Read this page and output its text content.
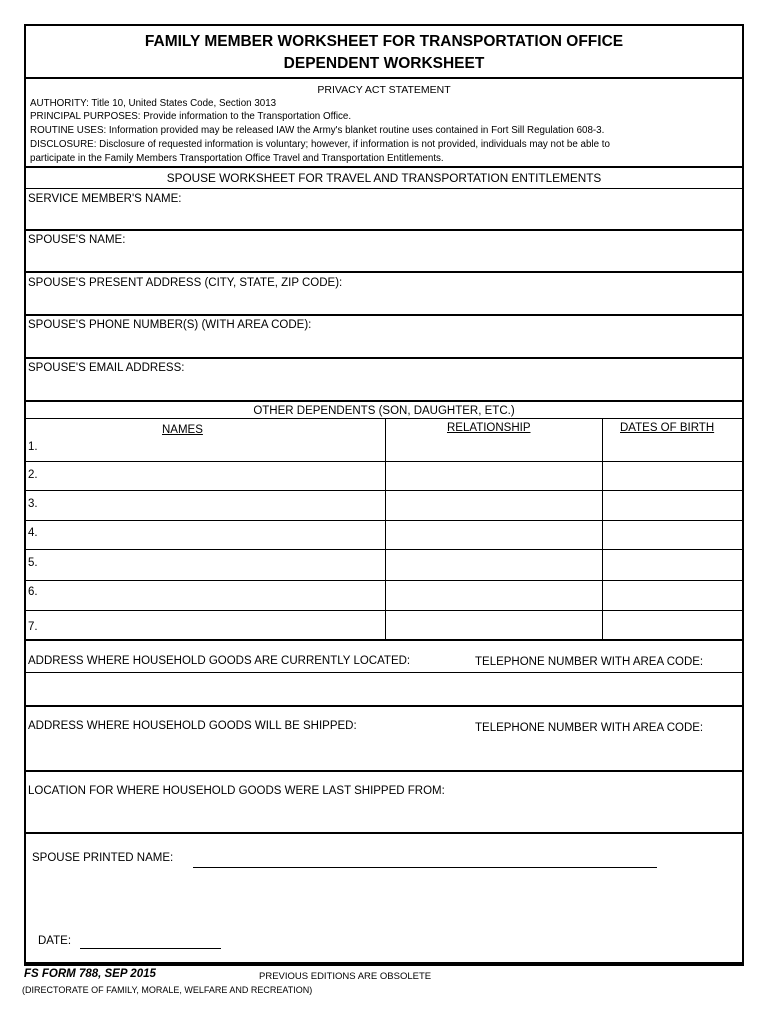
FAMILY MEMBER WORKSHEET FOR TRANSPORTATION OFFICE
DEPENDENT WORKSHEET
PRIVACY ACT STATEMENT
AUTHORITY: Title 10, United States Code, Section 3013
PRINCIPAL PURPOSES: Provide information to the Transportation Office.
ROUTINE USES: Information provided may be released IAW the Army's blanket routine uses contained in Fort Sill Regulation 608-3.
DISCLOSURE: Disclosure of requested information is voluntary; however, if information is not provided, individuals may not be able to
participate in the Family Members Transportation Office Travel and Transportation Entitlements.
SPOUSE WORKSHEET FOR TRAVEL AND TRANSPORTATION ENTITLEMENTS
SERVICE MEMBER'S NAME:
SPOUSE'S NAME:
SPOUSE'S PRESENT ADDRESS (CITY, STATE, ZIP CODE):
SPOUSE'S PHONE NUMBER(S) (WITH AREA CODE):
SPOUSE'S EMAIL ADDRESS:
OTHER DEPENDENTS (SON, DAUGHTER, ETC.)
NAMES	RELATIONSHIP	DATES OF BIRTH
1.
2.
3.
4.
5.
6.
7.
ADDRESS WHERE HOUSEHOLD GOODS ARE CURRENTLY LOCATED:	TELEPHONE NUMBER WITH AREA CODE:
ADDRESS WHERE HOUSEHOLD GOODS WILL BE SHIPPED:	TELEPHONE NUMBER WITH AREA CODE:
LOCATION FOR WHERE HOUSEHOLD GOODS WERE LAST SHIPPED FROM:
SPOUSE PRINTED NAME:
DATE:
FS FORM 788, SEP 2015	PREVIOUS EDITIONS ARE OBSOLETE
(DIRECTORATE OF FAMILY, MORALE, WELFARE AND RECREATION)
